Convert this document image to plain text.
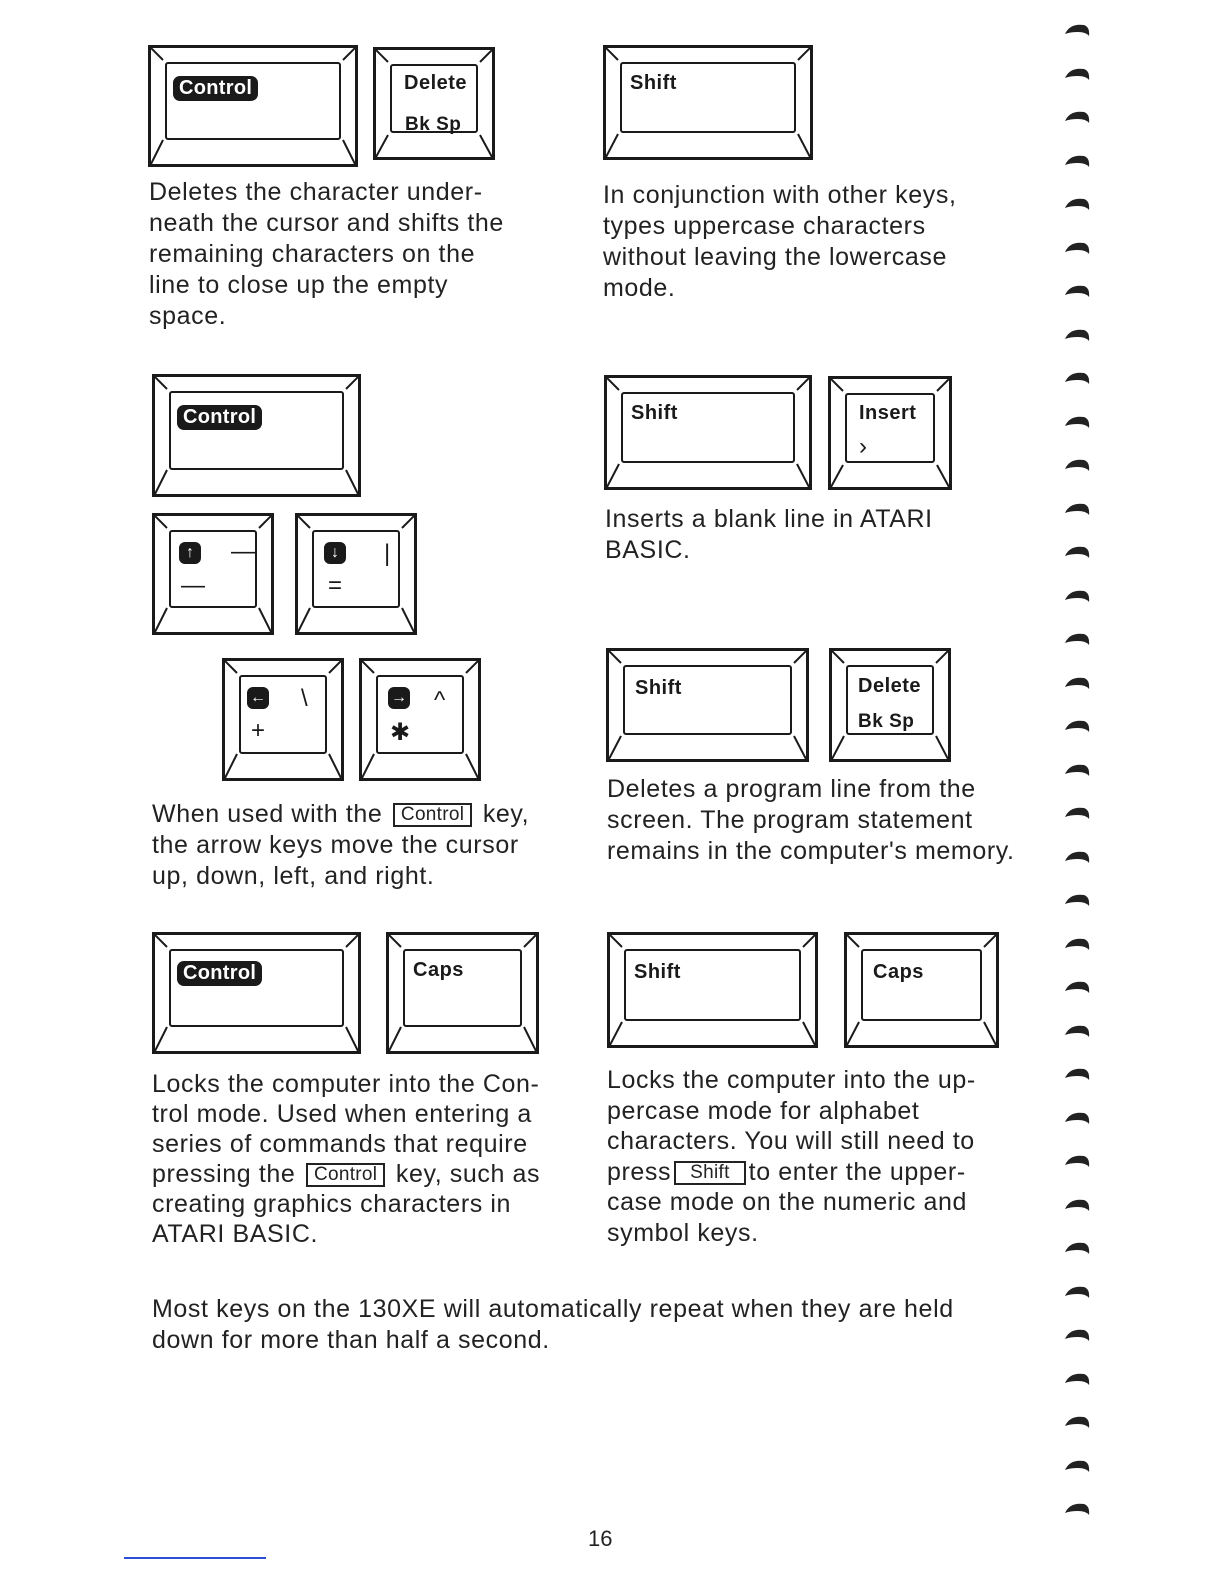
Control	Delete
Bk Sp
Shift
Control
↑ —
—
↓ |
=
← \
+
→ ^
✱
Shift	Insert
›
Shift	Delete
Bk Sp
Control	Caps	Shift	Caps
Deletes the character under-
neath the cursor and shifts the
remaining characters on the
line to close up the empty
space.
In conjunction with other keys,
types uppercase characters
without leaving the lowercase
mode.
When used with the Control key,
the arrow keys move the cursor
up, down, left, and right.
Inserts a blank line in ATARI
BASIC.
Deletes a program line from the
screen. The program statement
remains in the computer's memory.
Locks the computer into the Con-
trol mode. Used when entering a
series of commands that require
pressing the Control key, such as
creating graphics characters in
ATARI BASIC.
Locks the computer into the up-
percase mode for alphabet
characters. You will still need to
press Shift to enter the upper-
case mode on the numeric and
symbol keys.
Most keys on the 130XE will automatically repeat when they are held
down for more than half a second.
16
